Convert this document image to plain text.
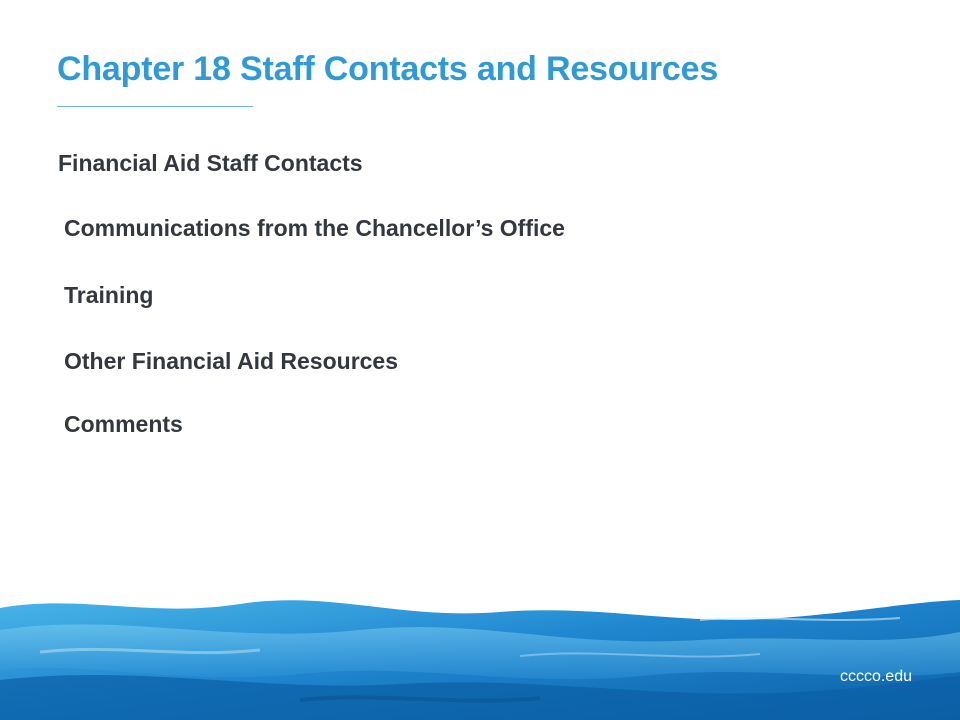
Chapter 18 Staff Contacts and Resources

Financial Aid Staff Contacts

Communications from the Chancellor’s Office

Training

Other Financial Aid Resources

Comments

cccco.edu
